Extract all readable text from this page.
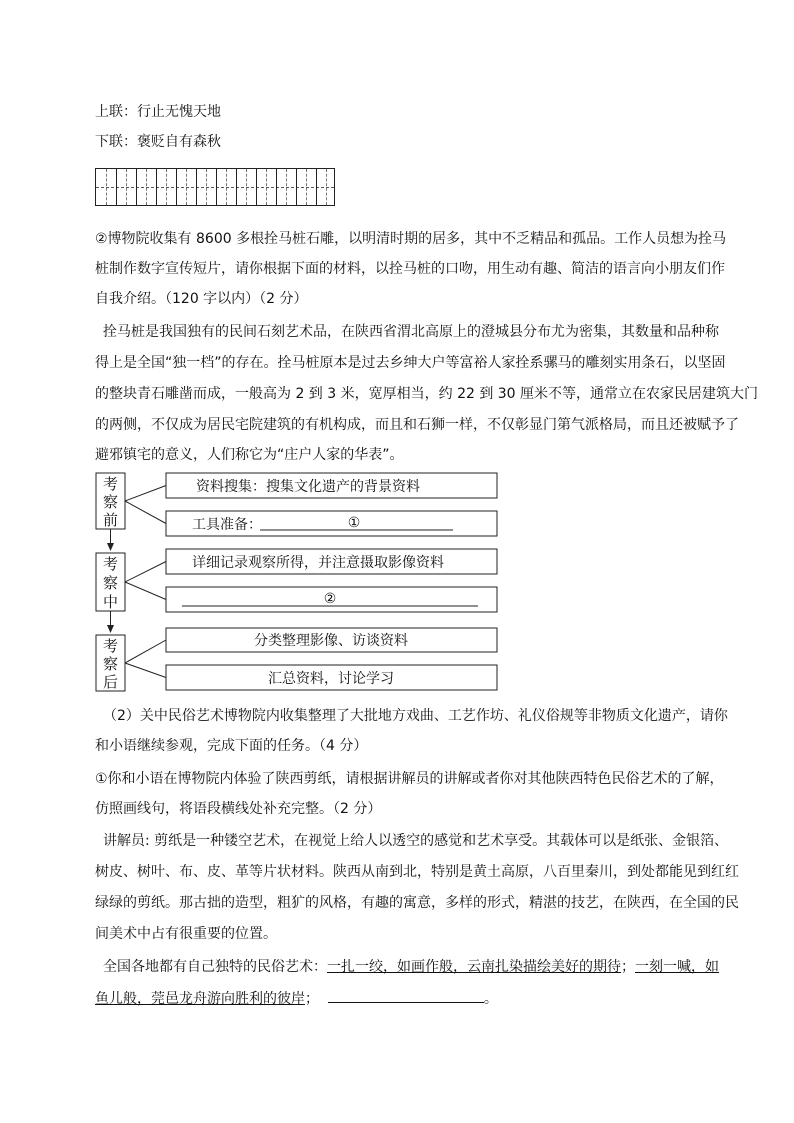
上联：行止无愧天地
下联：褒贬自有森秋
②博物院收集有 8600 多根拴马桩石雕，以明清时期的居多，其中不乏精品和孤品。工作人员想为拴马
桩制作数字宣传短片，请你根据下面的材料，以拴马桩的口吻，用生动有趣、简洁的语言向小朋友们作
自我介绍。（120 字以内）（2 分）
拴马桩是我国独有的民间石刻艺术品，在陕西省渭北高原上的澄城县分布尤为密集，其数量和品种称
得上是全国“独一档”的存在。拴马桩原本是过去乡绅大户等富裕人家拴系骡马的雕刻实用条石，以坚固
的整块青石雕凿而成，一般高为 2 到 3 米，宽厚相当，约 22 到 30 厘米不等，通常立在农家民居建筑大门
的两侧，不仅成为居民宅院建筑的有机构成，而且和石狮一样，不仅彰显门第气派格局，而且还被赋予了
避邪镇宅的意义，人们称它为“庄户人家的华表”。
考
察
前
考
察
中
考
察
后
资料搜集：搜集文化遗产的背景资料
工具准备：	①
详细记录观察所得，并注意摄取影像资料
②
分类整理影像、访谈资料
汇总资料，讨论学习
（2）关中民俗艺术博物院内收集整理了大批地方戏曲、工艺作坊、礼仪俗规等非物质文化遗产，请你
和小语继续参观，完成下面的任务。（4 分）
①你和小语在博物院内体验了陕西剪纸，请根据讲解员的讲解或者你对其他陕西特色民俗艺术的了解，
仿照画线句，将语段横线处补充完整。（2 分）
讲解员: 剪纸是一种镂空艺术，在视觉上给人以透空的感觉和艺术享受。其载体可以是纸张、金银箔、
树皮、树叶、布、皮、革等片状材料。陕西从南到北，特别是黄土高原，八百里秦川，到处都能见到红红
绿绿的剪纸。那古拙的造型，粗犷的风格，有趣的寓意，多样的形式，精湛的技艺，在陕西，在全国的民
间美术中占有很重要的位置。
全国各地都有自己独特的民俗艺术：一扎一绞，如画作般，云南扎染描绘美好的期待；一刻一喊，如
鱼儿般，莞邑龙舟游向胜利的彼岸；	。
